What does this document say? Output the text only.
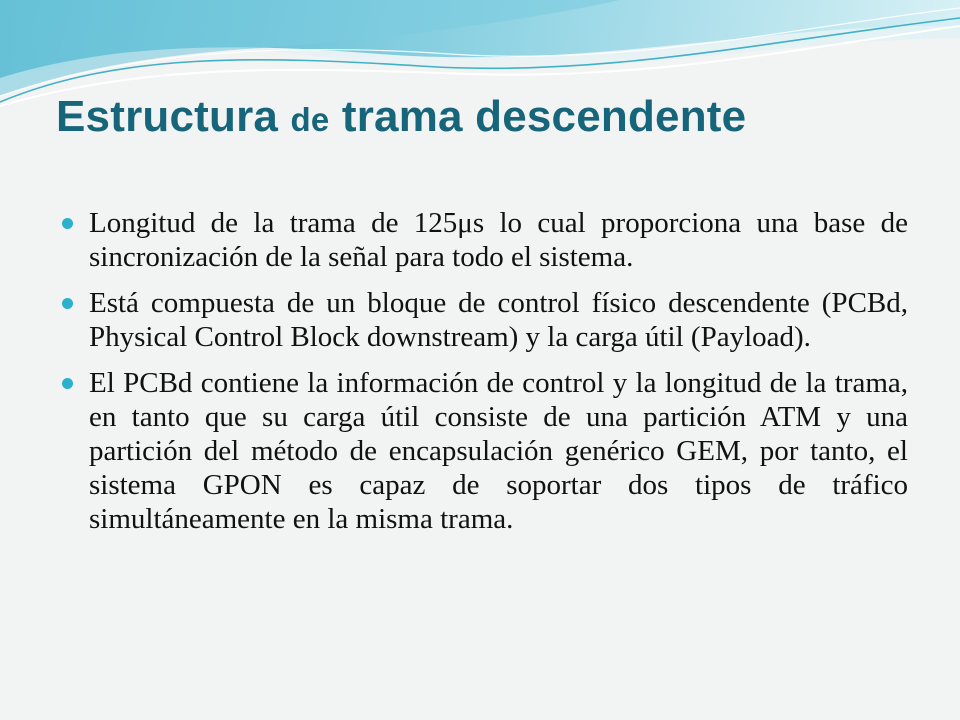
Estructura de trama descendente
Longitud de la trama de 125μs lo cual proporciona una base de sincronización de la señal para todo el sistema.
Está compuesta de un bloque de control físico descendente (PCBd, Physical Control Block downstream) y la carga útil (Payload).
El PCBd contiene la información de control y la longitud de la trama, en tanto que su carga útil consiste de una partición ATM y una partición del método de encapsulación genérico GEM, por tanto, el sistema GPON es capaz de soportar dos tipos de tráfico simultáneamente en la misma trama.
